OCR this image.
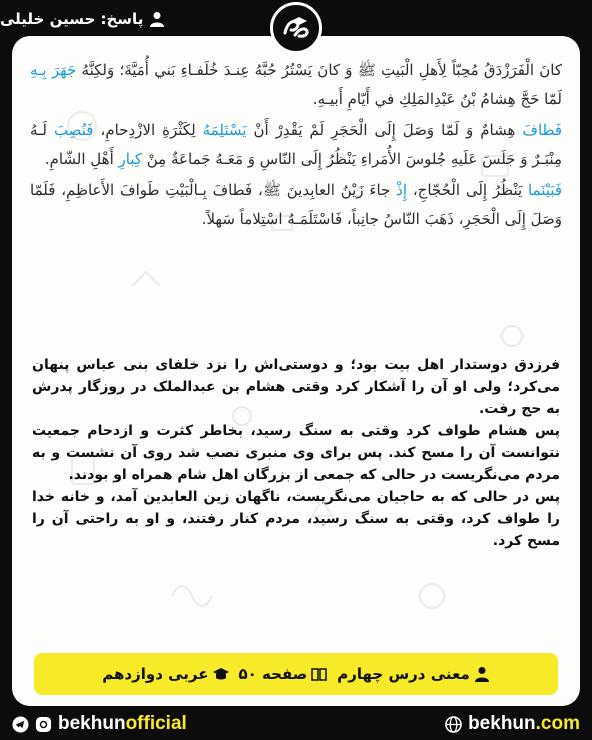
پاسخ: حسین خلیلی

كانَ الْفَرَزْدَقُ مُحِبّاً لِأَهلِ الْبَيتِ ﷺ وَ كانَ يَسْتُرُ حُبَّهُ عِنـدَ خُلَفـاءِ بَني أُمَيَّةَ؛ وَلكِنَّهُ جَهَرَ بِـهِ لَمّا حَجَّ هِشامُ بْنُ عَبْدِالمَلِكِ في أَيّامِ أَبيـهِ.

فَطافَ هِشامٌ وَ لَمّا وَصَلَ إِلَى الْحَجَرِ لَمْ يَقْدِرْ أَنْ يَسْتَلِمَهُ لِكَثْرَةِ الازْدِحامِ، فَنُصِبَ لَـهُ مِنْبَـرٌ وَ جَلَسَ عَلَيهِ جُلوسَ الأُمَراءِ يَنْظُرُ إِلَى النّاسِ وَ مَعَـهُ جَماعَةٌ مِنْ كِبارِ أَهْلِ الشّامِ.

فَبَيْنَما يَنْظُرُ إِلَى الْحُجّاجِ، إِذْ جاءَ زَيْنُ العابِدينَ ﷺ، فَطافَ بِـالْبَيْتِ طَوافَ الأَعاظِمِ، فَلَمّا وَصَلَ إِلَى الْحَجَرِ، ذَهَبَ النّاسُ جانِباً، فَاسْتَلَمَـهُ اسْتِلاماً سَهلاً.

فرزدق دوستدار اهل بیت بود؛ و دوستی‌اش را نزد خلفای بنی عباس پنهان می‌کرد؛ ولی او آن را آشکار کرد وقتی هشام بن عبدالملک در روزگار پدرش به حج رفت.

پس هشام طواف کرد وقتی به سنگ رسید، بخاطر کثرت و ازدحام جمعیت نتوانست آن را مسح کند. پس برای وی منبری نصب شد روی آن نشست و به مردم می‌نگریست در حالی که جمعی از بزرگان اهل شام همراه او بودند.

پس در حالی که به حاجیان می‌نگریست، ناگهان زین العابدین آمد، و خانه خدا را طواف کرد، وقتی به سنگ رسید، مردم کنار رفتند، و او به راحتی آن را مسح کرد.

معنی درس چهارم
صفحه ۵۰
عربی دوازدهم
bekhunofficial	bekhun.com
